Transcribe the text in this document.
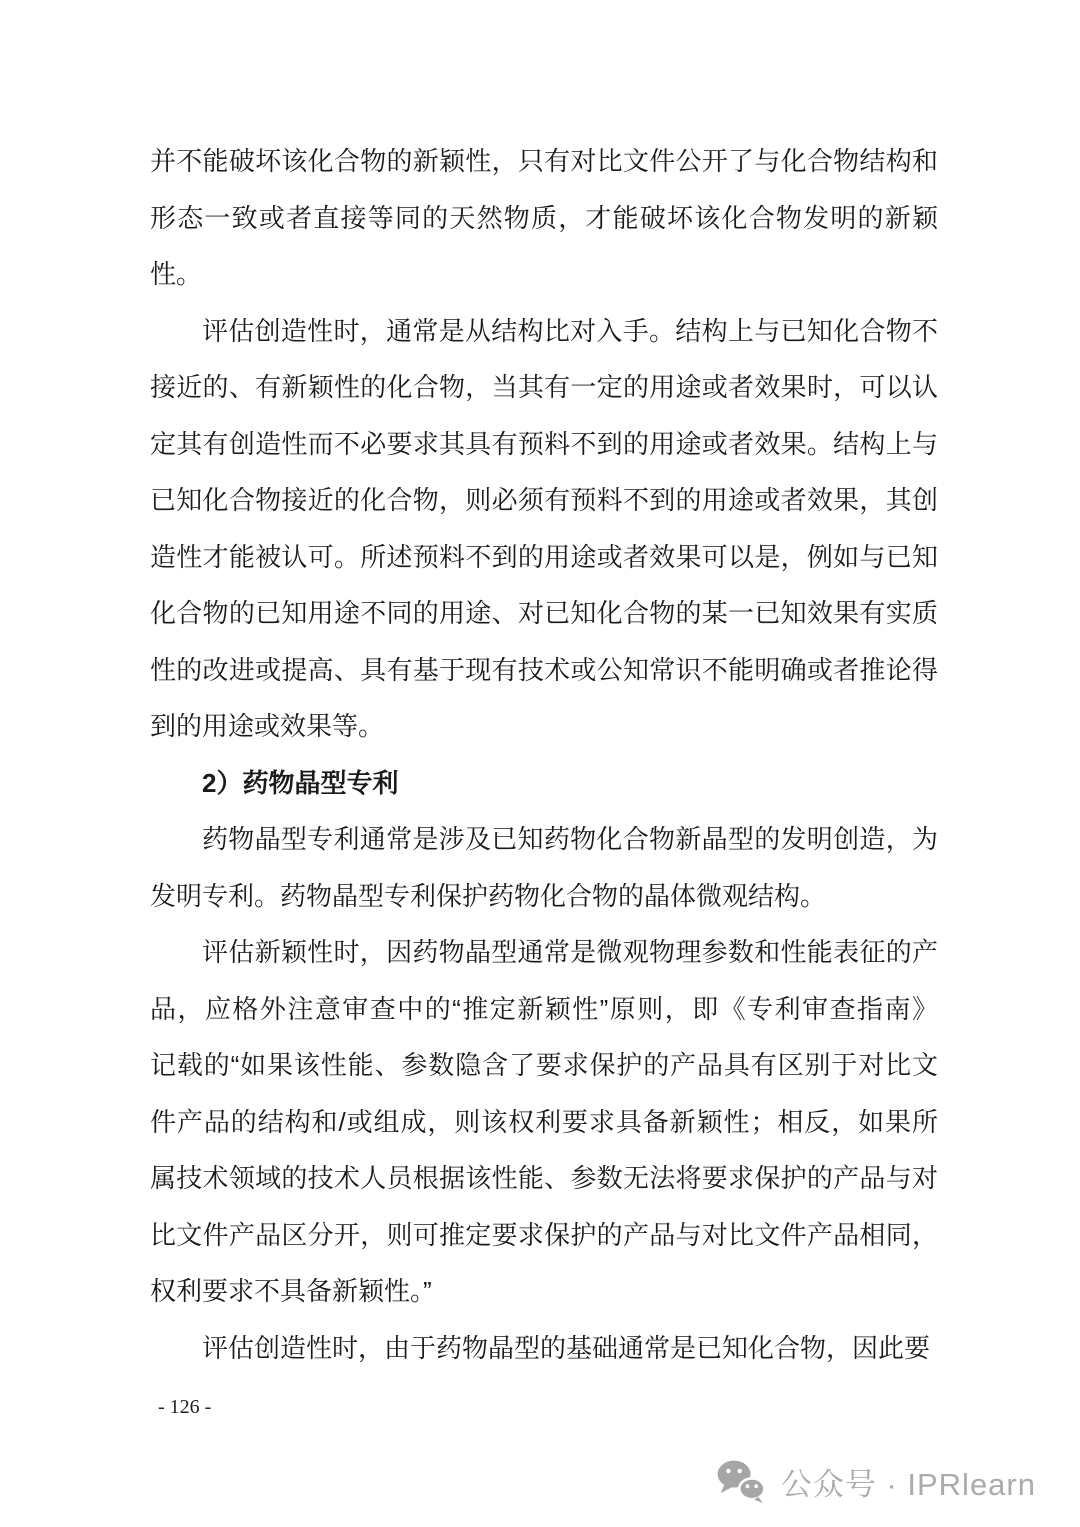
并不能破坏该化合物的新颖性，只有对比文件公开了与化合物结构和
形态一致或者直接等同的天然物质，才能破坏该化合物发明的新颖
性。
评估创造性时，通常是从结构比对入手。结构上与已知化合物不
接近的、有新颖性的化合物，当其有一定的用途或者效果时，可以认
定其有创造性而不必要求其具有预料不到的用途或者效果。结构上与
已知化合物接近的化合物，则必须有预料不到的用途或者效果，其创
造性才能被认可。所述预料不到的用途或者效果可以是，例如与已知
化合物的已知用途不同的用途、对已知化合物的某一已知效果有实质
性的改进或提高、具有基于现有技术或公知常识不能明确或者推论得
到的用途或效果等。
2）药物晶型专利
药物晶型专利通常是涉及已知药物化合物新晶型的发明创造，为
发明专利。药物晶型专利保护药物化合物的晶体微观结构。
评估新颖性时，因药物晶型通常是微观物理参数和性能表征的产
品，应格外注意审查中的“推定新颖性”原则，即《专利审查指南》
记载的“如果该性能、参数隐含了要求保护的产品具有区别于对比文
件产品的结构和/或组成，则该权利要求具备新颖性；相反，如果所
属技术领域的技术人员根据该性能、参数无法将要求保护的产品与对
比文件产品区分开，则可推定要求保护的产品与对比文件产品相同，
权利要求不具备新颖性。”
评估创造性时，由于药物晶型的基础通常是已知化合物，因此要
- 126 -
公众号 · IPRlearn
